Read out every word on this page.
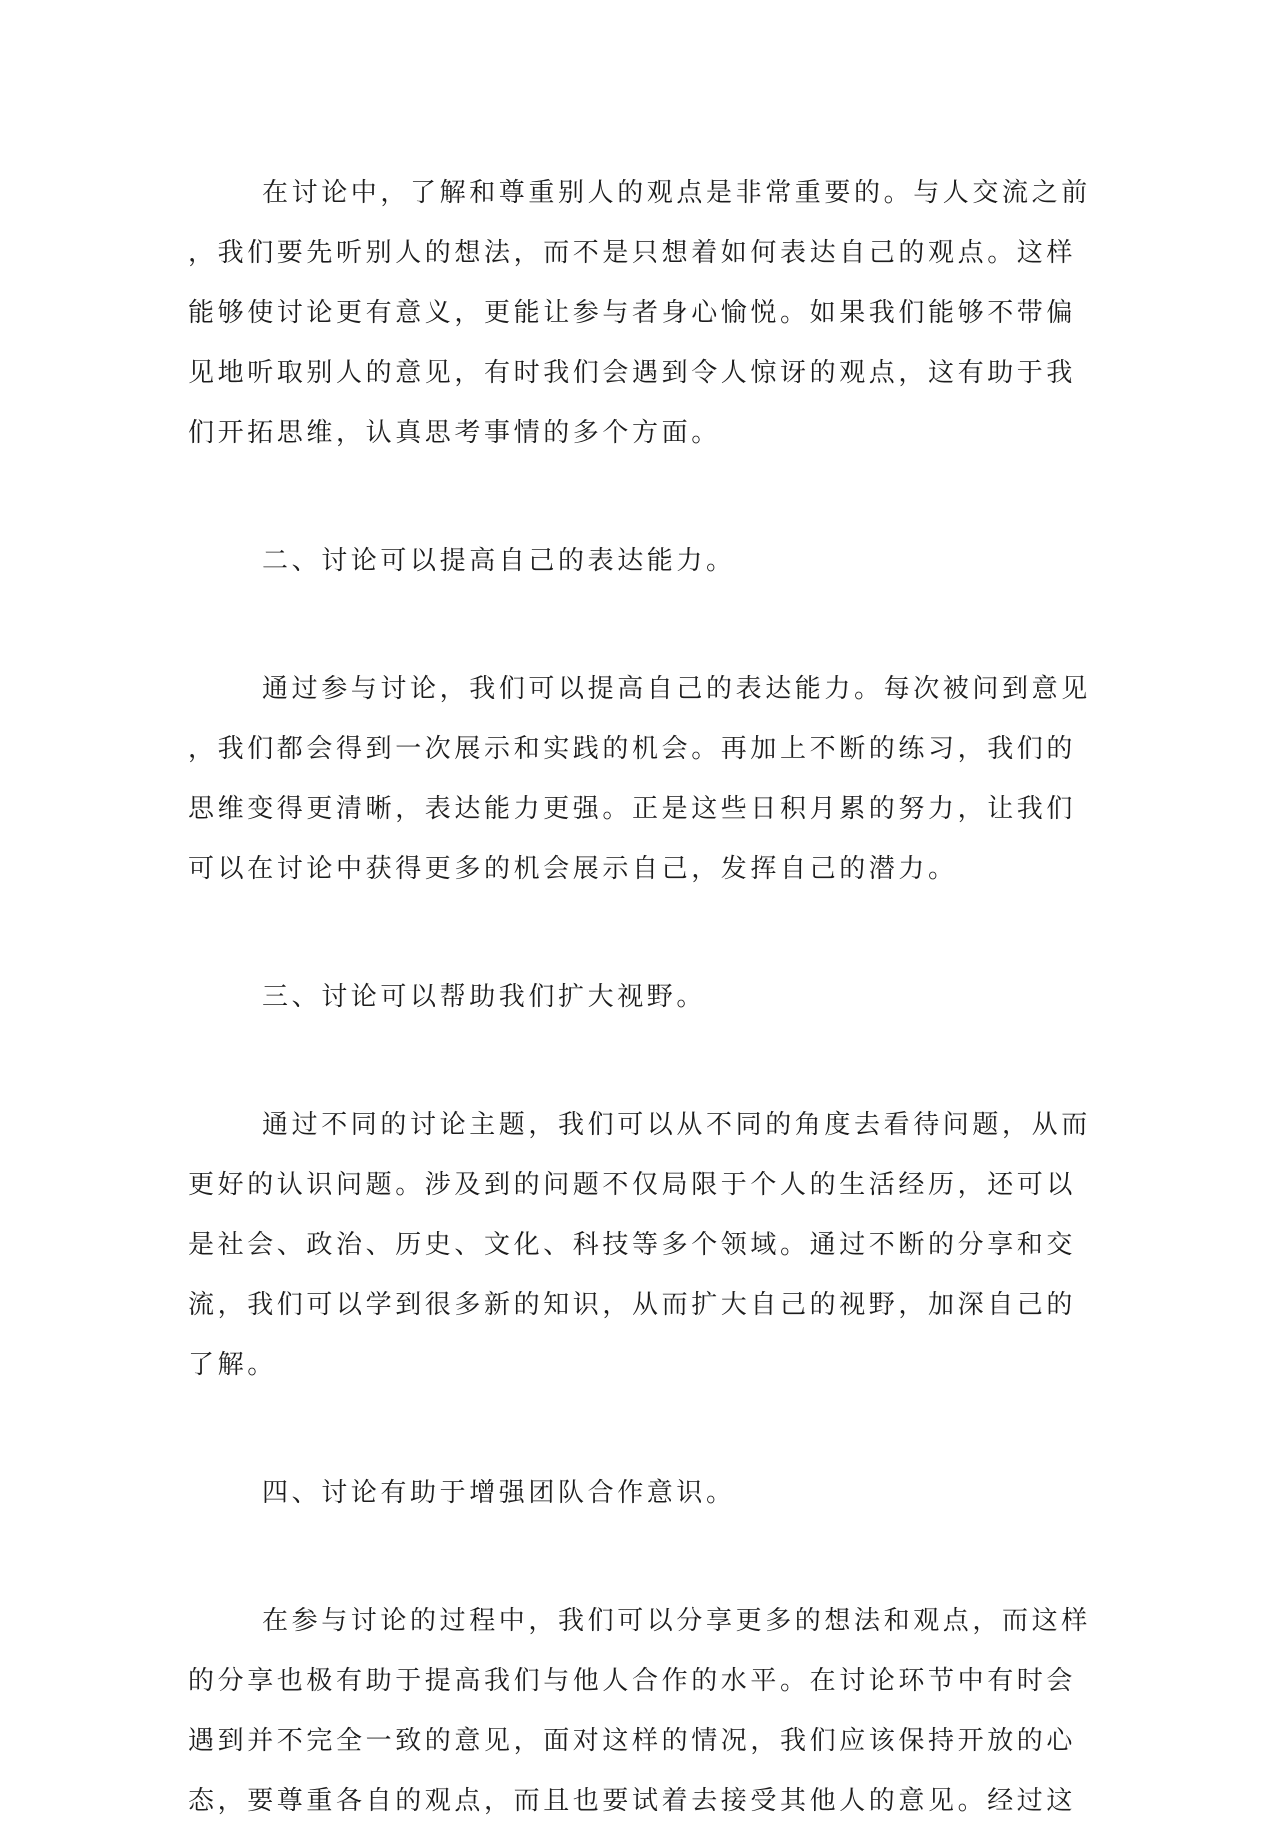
在讨论中，了解和尊重别人的观点是非常重要的。与人交流之前
，我们要先听别人的想法，而不是只想着如何表达自己的观点。这样
能够使讨论更有意义，更能让参与者身心愉悦。如果我们能够不带偏
见地听取别人的意见，有时我们会遇到令人惊讶的观点，这有助于我
们开拓思维，认真思考事情的多个方面。
二、讨论可以提高自己的表达能力。
通过参与讨论，我们可以提高自己的表达能力。每次被问到意见
，我们都会得到一次展示和实践的机会。再加上不断的练习，我们的
思维变得更清晰，表达能力更强。正是这些日积月累的努力，让我们
可以在讨论中获得更多的机会展示自己，发挥自己的潜力。
三、讨论可以帮助我们扩大视野。
通过不同的讨论主题，我们可以从不同的角度去看待问题，从而
更好的认识问题。涉及到的问题不仅局限于个人的生活经历，还可以
是社会、政治、历史、文化、科技等多个领域。通过不断的分享和交
流，我们可以学到很多新的知识，从而扩大自己的视野，加深自己的
了解。
四、讨论有助于增强团队合作意识。
在参与讨论的过程中，我们可以分享更多的想法和观点，而这样
的分享也极有助于提高我们与他人合作的水平。在讨论环节中有时会
遇到并不完全一致的意见，面对这样的情况，我们应该保持开放的心
态，要尊重各自的观点，而且也要试着去接受其他人的意见。经过这
